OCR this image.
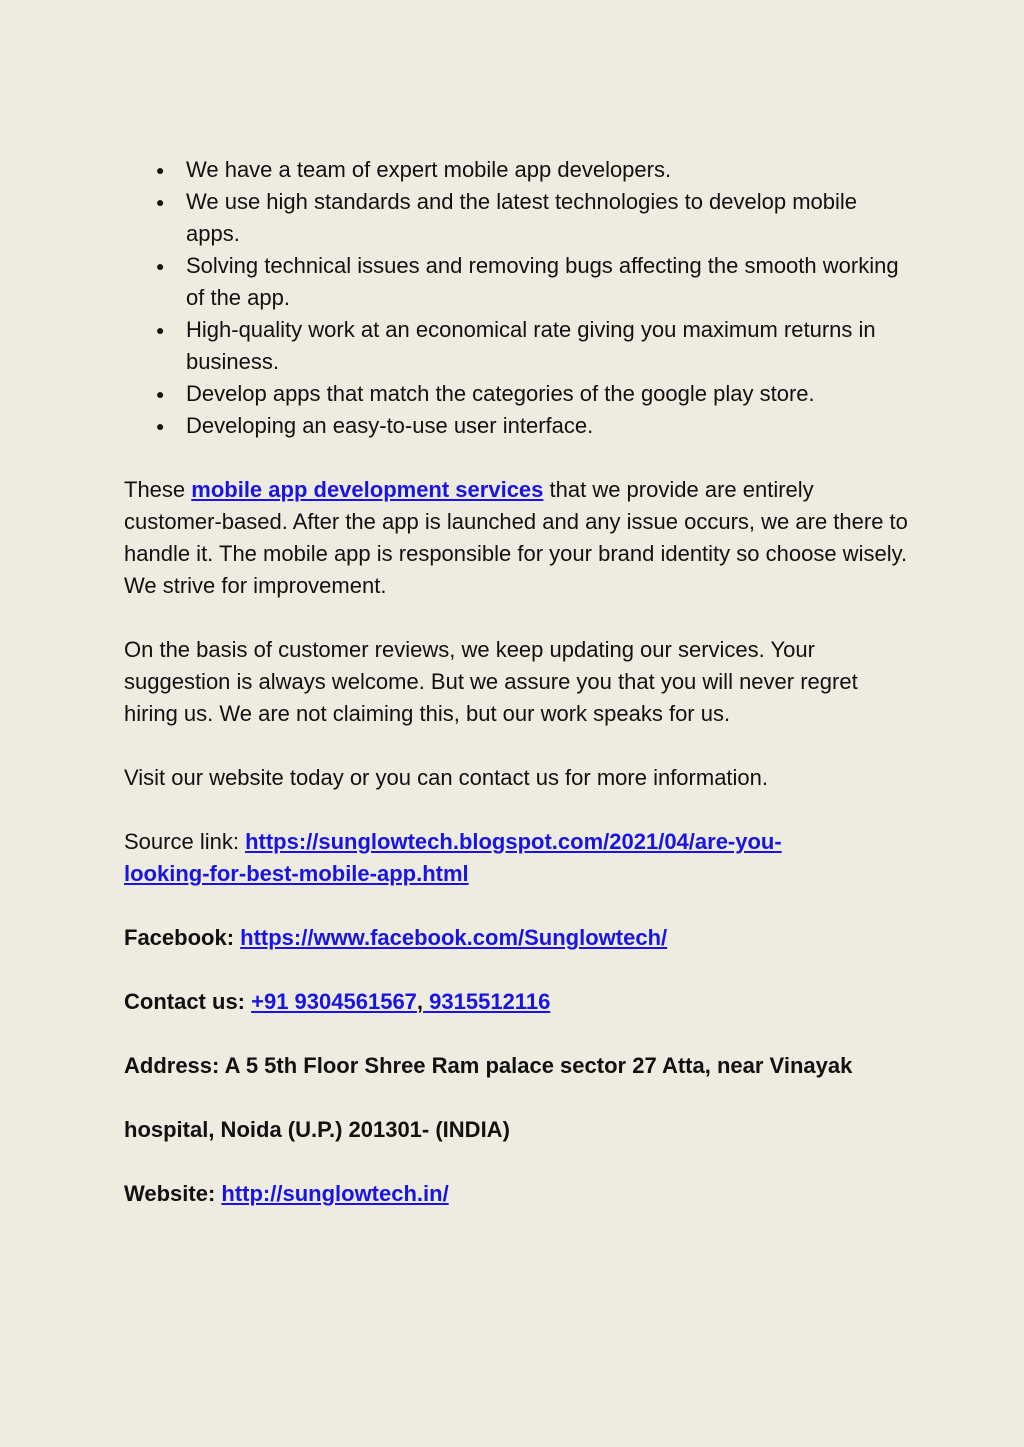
● We have a team of expert mobile app developers.
● We use high standards and the latest technologies to develop mobile apps.
● Solving technical issues and removing bugs affecting the smooth working of the app.
● High-quality work at an economical rate giving you maximum returns in business.
● Develop apps that match the categories of the google play store.
● Developing an easy-to-use user interface.

These mobile app development services that we provide are entirely customer-based. After the app is launched and any issue occurs, we are there to handle it. The mobile app is responsible for your brand identity so choose wisely. We strive for improvement.

On the basis of customer reviews, we keep updating our services. Your suggestion is always welcome. But we assure you that you will never regret hiring us. We are not claiming this, but our work speaks for us.

Visit our website today or you can contact us for more information.

Source link: https://sunglowtech.blogspot.com/2021/04/are-you-
looking-for-best-mobile-app.html

Facebook: https://www.facebook.com/Sunglowtech/

Contact us: +91 9304561567, 9315512116

Address: A 5 5th Floor Shree Ram palace sector 27 Atta, near Vinayak

hospital, Noida (U.P.) 201301- (INDIA)

Website: http://sunglowtech.in/
